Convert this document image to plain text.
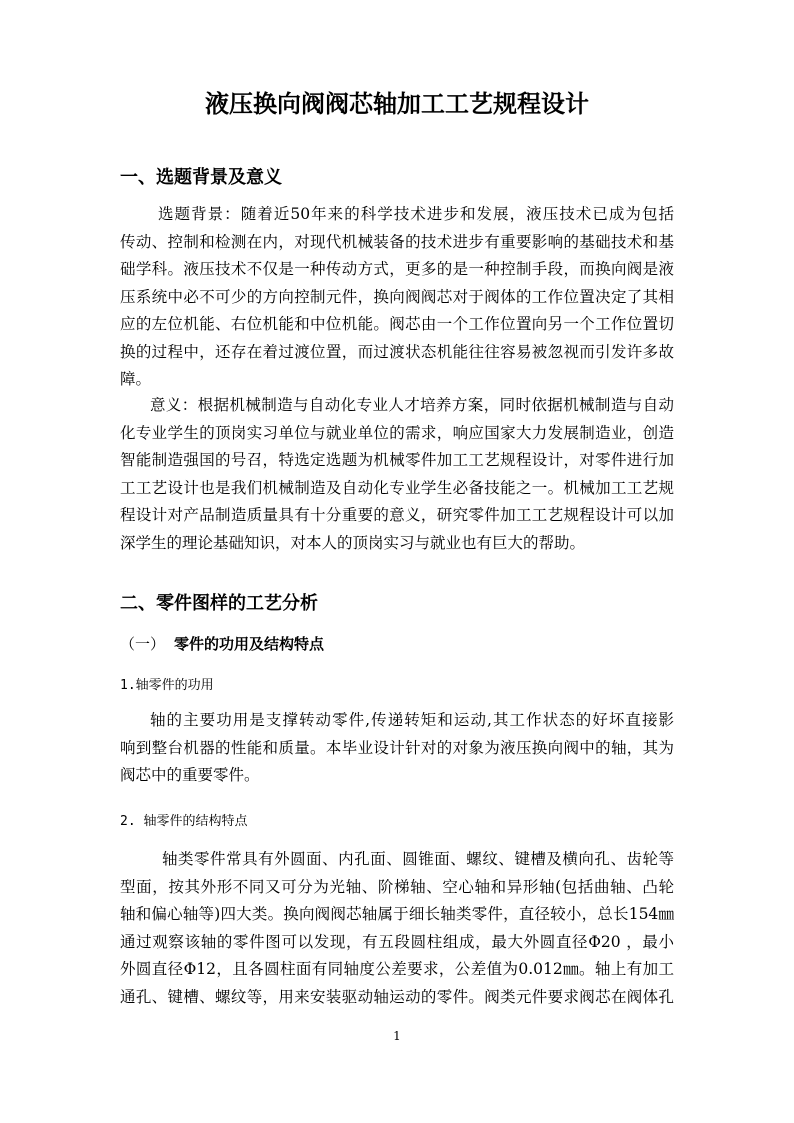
液压换向阀阀芯轴加工工艺规程设计
一、选题背景及意义
选题背景：随着近50年来的科学技术进步和发展，液压技术已成为包括
传动、控制和检测在内，对现代机械装备的技术进步有重要影响的基础技术和基
础学科。液压技术不仅是一种传动方式，更多的是一种控制手段，而换向阀是液
压系统中必不可少的方向控制元件，换向阀阀芯对于阀体的工作位置决定了其相
应的左位机能、右位机能和中位机能。阀芯由一个工作位置向另一个工作位置切
换的过程中，还存在着过渡位置，而过渡状态机能往往容易被忽视而引发许多故
障。
意义：根据机械制造与自动化专业人才培养方案，同时依据机械制造与自动
化专业学生的顶岗实习单位与就业单位的需求，响应国家大力发展制造业，创造
智能制造强国的号召，特选定选题为机械零件加工工艺规程设计，对零件进行加
工工艺设计也是我们机械制造及自动化专业学生必备技能之一。机械加工工艺规
程设计对产品制造质量具有十分重要的意义，研究零件加工工艺规程设计可以加
深学生的理论基础知识，对本人的顶岗实习与就业也有巨大的帮助。
二、零件图样的工艺分析
（一） 零件的功用及结构特点
1.轴零件的功用
轴的主要功用是支撑转动零件,传递转矩和运动,其工作状态的好坏直接影
响到整台机器的性能和质量。本毕业设计针对的对象为液压换向阀中的轴，其为
阀芯中的重要零件。
2. 轴零件的结构特点
轴类零件常具有外圆面、内孔面、圆锥面、螺纹、键槽及横向孔、齿轮等
型面，按其外形不同又可分为光轴、阶梯轴、空心轴和异形轴(包括曲轴、凸轮
轴和偏心轴等)四大类。换向阀阀芯轴属于细长轴类零件，直径较小，总长154㎜
通过观察该轴的零件图可以发现，有五段圆柱组成，最大外圆直径Φ20 ，最小
外圆直径Φ12，且各圆柱面有同轴度公差要求，公差值为0.012㎜。轴上有加工
通孔、键槽、螺纹等，用来安装驱动轴运动的零件。阀类元件要求阀芯在阀体孔
1
